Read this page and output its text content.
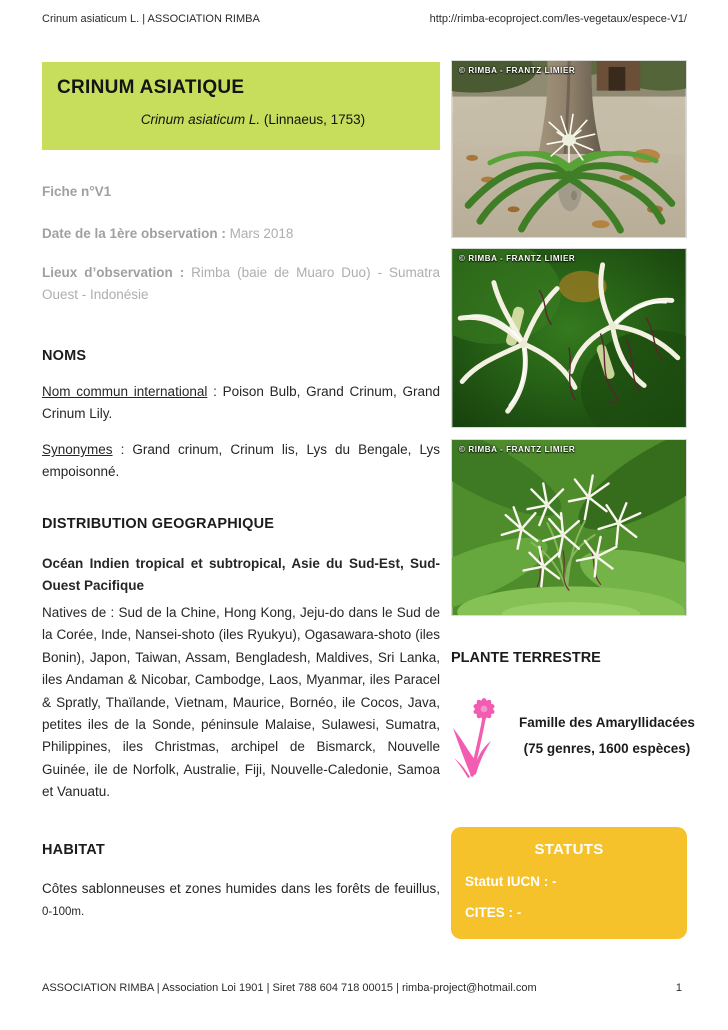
Crinum asiaticum L. | ASSOCIATION RIMBA	http://rimba-ecoproject.com/les-vegetaux/espece-V1/
CRINUM ASIATIQUE
Crinum asiaticum L. (Linnaeus, 1753)
Fiche n°V1
Date de la 1ère observation : Mars 2018
Lieux d’observation : Rimba (baie de Muaro Duo) - Sumatra Ouest - Indonésie
NOMS
Nom commun international : Poison Bulb, Grand Crinum, Grand Crinum Lily.
Synonymes : Grand crinum, Crinum lis, Lys du Bengale, Lys empoisonné.
DISTRIBUTION GEOGRAPHIQUE
Océan Indien tropical et subtropical, Asie du Sud-Est, Sud-Ouest Pacifique
Natives de : Sud de la Chine, Hong Kong, Jeju-do dans le Sud de la Corée, Inde, Nansei-shoto (iles Ryukyu), Ogasawara-shoto (iles Bonin), Japon, Taiwan, Assam, Bengladesh, Maldives, Sri Lanka, iles Andaman & Nicobar, Cambodge, Laos, Myanmar, iles Paracel & Spratly, Thaïlande, Vietnam, Maurice, Bornéo, ile Cocos, Java, petites iles de la Sonde, péninsule Malaise, Sulawesi, Sumatra, Philippines, iles Christmas, archipel de Bismarck, Nouvelle Guinée, ile de Norfolk, Australie, Fiji, Nouvelle-Caledonie, Samoa et Vanuatu.
HABITAT
Côtes sablonneuses et zones humides dans les forêts de feuillus, 0-100m.
© RIMBA - FRANTZ LIMIER
© RIMBA - FRANTZ LIMIER
© RIMBA - FRANTZ LIMIER
PLANTE TERRESTRE
Famille des Amaryllidacées
(75 genres, 1600 espèces)
STATUTS
Statut IUCN : -
CITES : -
ASSOCIATION RIMBA | Association Loi 1901 | Siret 788 604 718 00015 | rimba-project@hotmail.com	1
